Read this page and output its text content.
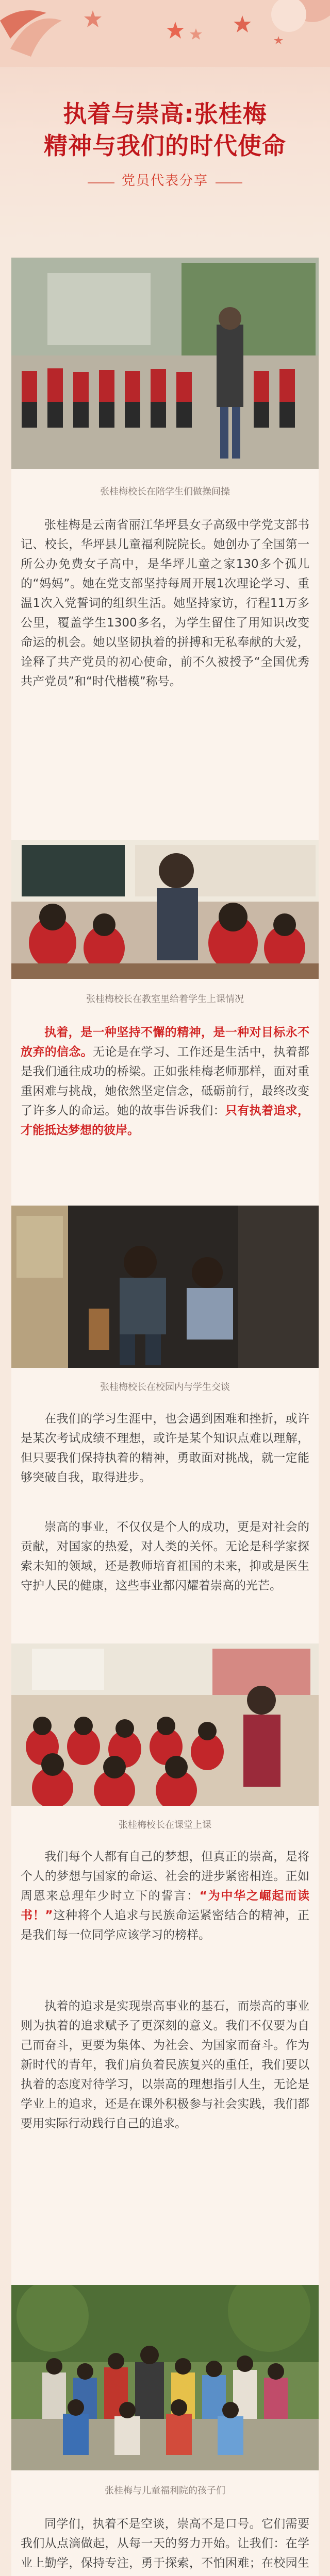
执着与崇高:张桂梅
精神与我们的时代使命
党员代表分享
张桂梅校长在陪学生们做操间操

张桂梅是云南省丽江华坪县女子高级中学党支部书记、校长，华坪县儿童福利院院长。她创办了全国第一所公办免费女子高中，是华坪儿童之家130多个孤儿的“妈妈”。她在党支部坚持每周开展1次理论学习、重温1次入党誓词的组织生活。她坚持家访，行程11万多公里，覆盖学生1300多名，为学生留住了用知识改变命运的机会。她以坚韧执着的拼搏和无私奉献的大爱，诠释了共产党员的初心使命，前不久被授予“全国优秀共产党员”和“时代楷模”称号。

张桂梅校长在教室里给着学生上课情况

执着，是一种坚持不懈的精神，是一种对目标永不放弃的信念。无论是在学习、工作还是生活中，执着都是我们通往成功的桥梁。正如张桂梅老师那样，面对重重困难与挑战，她依然坚定信念，砥砺前行，最终改变了许多人的命运。她的故事告诉我们：只有执着追求，才能抵达梦想的彼岸。

张桂梅校长在校园内与学生交谈

在我们的学习生涯中，也会遇到困难和挫折，或许是某次考试成绩不理想，或许是某个知识点难以理解，但只要我们保持执着的精神，勇敢面对挑战，就一定能够突破自我，取得进步。

崇高的事业，不仅仅是个人的成功，更是对社会的贡献，对国家的热爱，对人类的关怀。无论是科学家探索未知的领域，还是教师培育祖国的未来，抑或是医生守护人民的健康，这些事业都闪耀着崇高的光芒。

张桂梅校长在课堂上课

我们每个人都有自己的梦想，但真正的崇高，是将个人的梦想与国家的命运、社会的进步紧密相连。正如周恩来总理年少时立下的誓言：“为中华之崛起而读书！”这种将个人追求与民族命运紧密结合的精神，正是我们每一位同学应该学习的榜样。

执着的追求是实现崇高事业的基石，而崇高的事业则为执着的追求赋予了更深刻的意义。我们不仅要为自己而奋斗，更要为集体、为社会、为国家而奋斗。作为新时代的青年，我们肩负着民族复兴的重任，我们要以执着的态度对待学习，以崇高的理想指引人生，无论是学业上的追求，还是在课外积极参与社会实践，我们都要用实际行动践行自己的追求。

张桂梅与儿童福利院的孩子们

同学们，执着不是空谈，崇高不是口号。它们需要我们从点滴做起，从每一天的努力开始。让我们：在学业上勤学，保持专注，勇于探索，不怕困难；在校园生
